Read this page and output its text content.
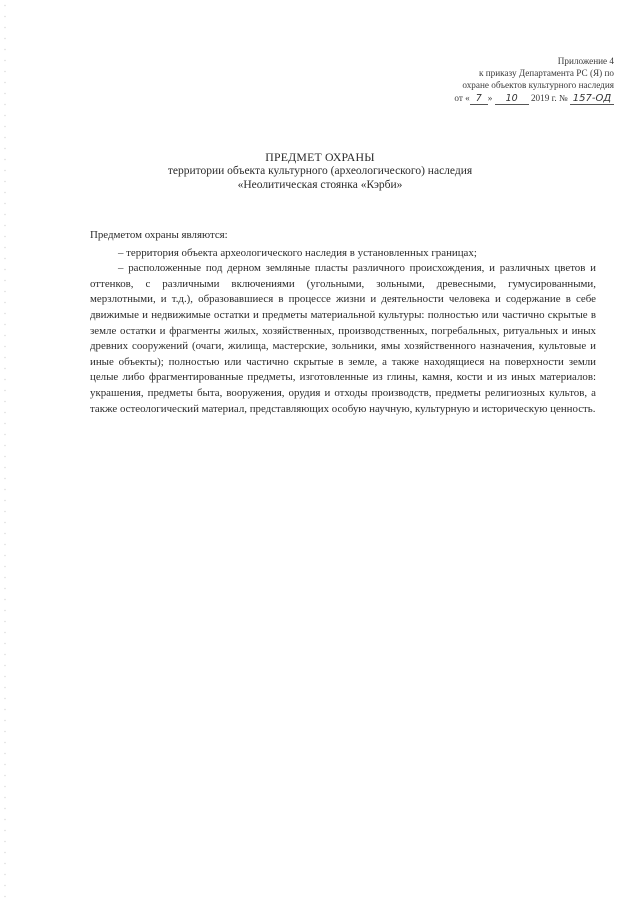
Приложение 4
к приказу Департамента РС (Я) по
охране объектов культурного наследия
от « 7 » 10 2019 г. № 157-ОД
ПРЕДМЕТ ОХРАНЫ
территории объекта культурного (археологического) наследия
«Неолитическая стоянка «Кэрби»

Предметом охраны являются:

– территория объекта археологического наследия в установленных границах;

– расположенные под дерном земляные пласты различного происхождения, и различных цветов и оттенков, с различными включениями (угольными, зольными, древесными, гумусированными, мерзлотными, и т.д.), образовавшиеся в процессе жизни и деятельности человека и содержание в себе движимые и недвижимые остатки и предметы материальной культуры: полностью или частично скрытые в земле остатки и фрагменты жилых, хозяйственных, производственных, погребальных, ритуальных и иных древних сооружений (очаги, жилища, мастерские, зольники, ямы хозяйственного назначения, культовые и иные объекты); полностью или частично скрытые в земле, а также находящиеся на поверхности земли целые либо фрагментированные предметы, изготовленные из глины, камня, кости и из иных материалов: украшения, предметы быта, вооружения, орудия и отходы производств, предметы религиозных культов, а также остеологический материал, представляющих особую научную, культурную и историческую ценность.
